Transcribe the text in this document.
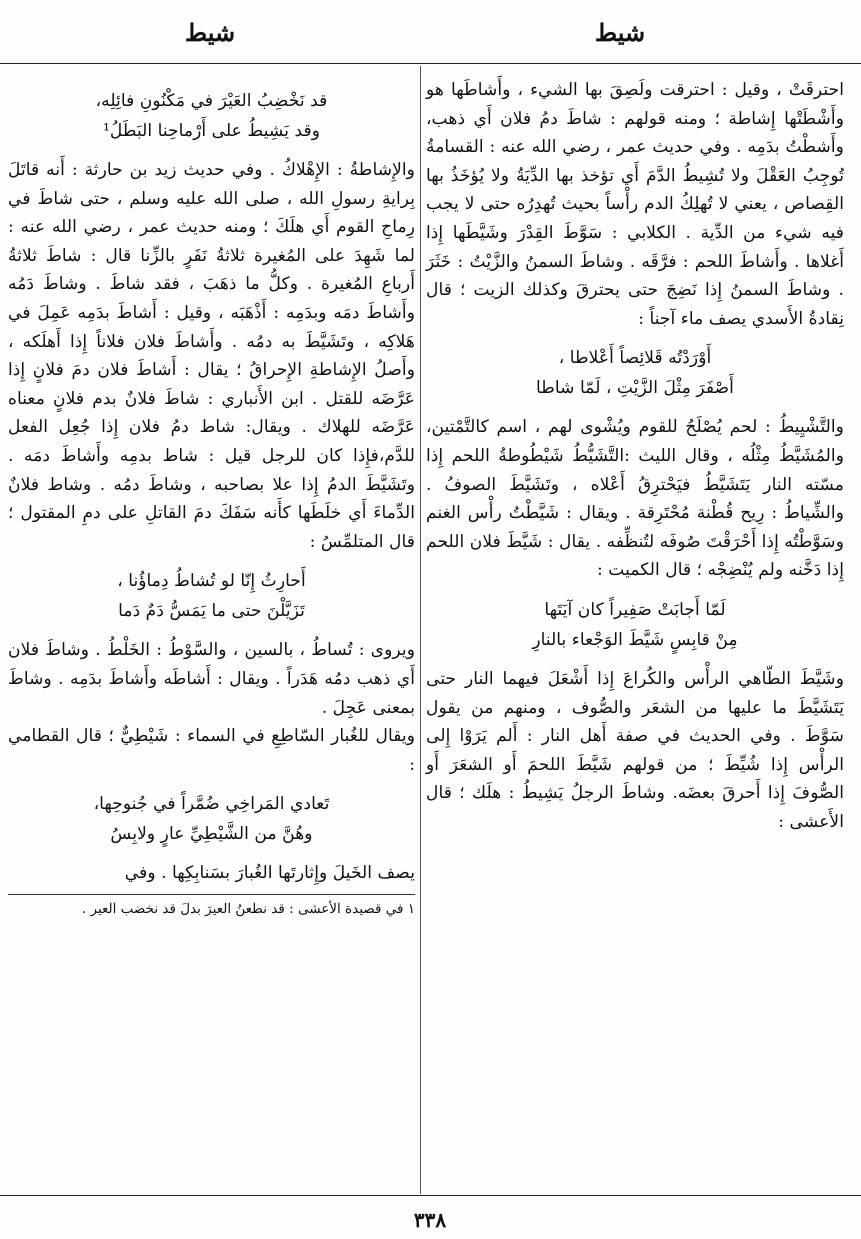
شيط
شيط

احترقَتْ ، وقيل : احترقت ولَصِقَ بها الشيء ، وأَشاطَها هو وأَشْطَتْها إِشاطة ؛ ومنه قولهم : شاطَ دمُ فلان أَي ذهب، وأَشطْتُ بدَمِه . وفي حديث عمر ، رضي الله عنه : القسامةُ تُوجِبُ العَقْلَ ولا تُشِيطُ الدَّمَ أَي تؤخذ بها الدِّيَةُ ولا يُؤخَذُ بها القِصاص ، يعني لا تُهلِكُ الدم رأْساً بحيث تُهدِرُه حتى لا يجب فيه شيء من الدِّية . الكلابي : سَوَّطَ القِدْرَ وشَيَّطَها إِذا أَغلاها . وأَشاطَ اللحم : فرَّقَه . وشاطَ السمنُ والزَّيْتُ : خَثَرَ . وشاطَ السمنُ إِذا نَضِجَ حتى يحترقَ وكذلك الزيت ؛ قال نِقادةُ الأَسدي يصف ماء آجناً :

أَوْرَدْتُه قَلائِصاً أَعْلاطا ،
أَصْفَرَ مِثْلَ الزَّيْتِ ، لَمّا شاطا

والتَّشْيِيطُ : لحم يُصْلَحُ للقوم ويُشْوى لهم ، اسم كالتَّمْتين، والمُشَيَّطُ مِثْلُه ، وقال الليث :التَّشَيُّطُ شَيْطُوطةُ اللحم إِذا مسّته النار يَتَشَيَّطُ فيَحْترِقُ أَعْلاه ، وتَشَيَّطَ الصوفُ . والشِّياطُ : رِيح قُطْنة مُحْتَرِقة . ويقال : شَيَّطْتُ رأْس الغنم وسَوَّطْتُه إِذا أَحْرَقْتَ صُوفَه لتُنظِّفه . يقال : شَيَّطَ فلان اللحم إِذا دَخَّنه ولم يُنْضِجْه ؛ قال الكميت :

لَمّا أَجابَتْ صَفِيراً كان آيَتَها
مِنْ قابِسٍ شَيَّطَ الوَجْعاء بالنارِ

وشَيَّطَ الطّاهي الرأْس والكُراعَ إِذا أَشْعَلَ فيهما النار حتى يَتَشَيَّطَ ما عليها من الشعَر والصُّوف ، ومنهم من يقول سَوَّطَ . وفي الحديث في صفة أَهل النار : أَلم يَرَوْا إِلى الرأْس إِذا شُيِّطَ ؛ من قولهم شَيَّطَ اللحمَ أَو الشعَرَ أَو الصُّوفَ إِذا أَحرقَ بعضَه. وشاطَ الرجلُ يَشِيطُ : هلَك ؛ قال الأَعشى :

قد نَخْضِبُ العَيْرَ في مَكْنُونِ فائِلِه،
وقد يَشِيطُ على أَرْماحِنا البَطَلُ¹

والإِشاطةُ : الإِهْلاكُ . وفي حديث زيد بن حارثة : أَنه قاتَلَ بِرايةِ رسولِ الله ، صلى الله عليه وسلم ، حتى شاطَ في رِماحِ القوم أَي هلَكَ ؛ ومنه حديث عمر ، رضي الله عنه : لما شَهِدَ على المُغيرة ثلاثةُ نَفَرٍ بالزِّنا قال : شاطَ ثلاثةُ أَرباعِ المُغيرة . وكلُّ ما ذهَبَ ، فقد شاطَ . وشاطَ دَمُه وأَشاطَ دمَه وبدَمِه : أَذْهَبَه ، وقيل : أَشاطَ بدَمِه عَمِلَ في هَلاكِه ، وتَشَيَّطَ به دمُه . وأَشاطَ فلان فلاناً إِذا أَهلَكه ، وأَصلُ الإِشاطةِ الإِحراقُ ؛ يقال : أَشاطَ فلان دمَ فلانٍ إِذا عَرَّضَه للقتل . ابن الأَنباري : شاطَ فلانٌ بدم فلانٍ معناه عَرَّضَه للهلاك . ويقال: شاط دمُ فلان إِذا جُعِل الفعل للدَّم،فإِذا كان للرجل قيل : شاط بدمِه وأَشاطَ دمَه . وتَشَيَّطَ الدمُ إِذا علا بصاحبه ، وشاطَ دمُه . وشاط فلانٌ الدِّماءَ أَي خلَطَها كأَنه سَفَكَ دمَ القاتلِ على دمِ المقتول ؛ قال المتلمِّسُ :

أَحارِثُ إِنّا لو تُشاطُ دِماؤُنا ،
تَزَيَّلْنَ حتى ما يَمَسُّ دَمٌ دَما

ويروى : تُساطُ ، بالسين ، والسَّوْطُ : الخَلْطُ . وشاطَ فلان أَي ذهب دمُه هَدَراً . ويقال : أَشاطَه وأَشاطَ بدَمِه . وشاطَ بمعنى عَجِلَ .

ويقال للغُبار السّاطِعِ في السماء : شَيْطِيٌّ ؛ قال القطامي :

تَعادي المَراخِي ضُمَّراً في جُنوحِها،
وهُنَّ من الشَّيْطِيِّ عارٍ ولابِسُ

يصف الخَيلَ وإِثارتَها الغُبارَ بسَنابِكِها . وفي

١ في قصيدة الأعشى : قد نطعنُ العيرَ بدلَ قد نخضب العير .
٣٣٨
